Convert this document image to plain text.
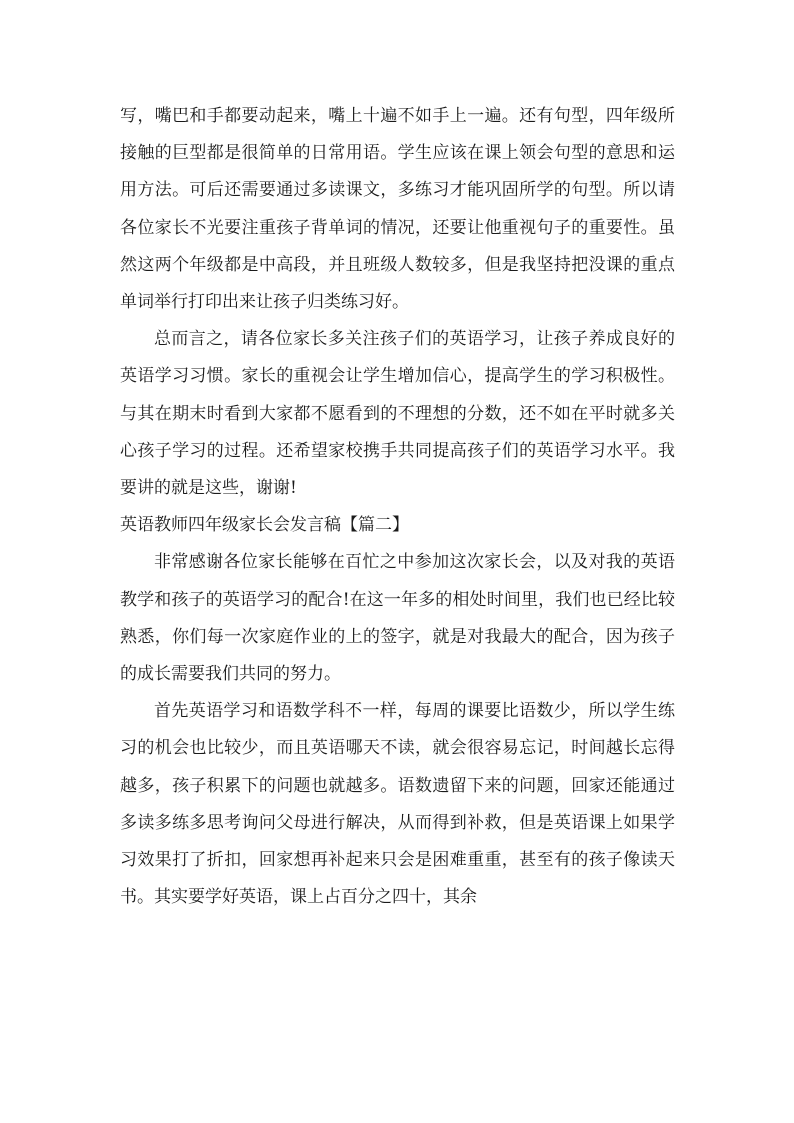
写，嘴巴和手都要动起来，嘴上十遍不如手上一遍。还有句型，四年级所接触的巨型都是很简单的日常用语。学生应该在课上领会句型的意思和运用方法。可后还需要通过多读课文，多练习才能巩固所学的句型。所以请各位家长不光要注重孩子背单词的情况，还要让他重视句子的重要性。虽然这两个年级都是中高段，并且班级人数较多，但是我坚持把没课的重点单词举行打印出来让孩子归类练习好。

总而言之，请各位家长多关注孩子们的英语学习，让孩子养成良好的英语学习习惯。家长的重视会让学生增加信心，提高学生的学习积极性。与其在期末时看到大家都不愿看到的不理想的分数，还不如在平时就多关心孩子学习的过程。还希望家校携手共同提高孩子们的英语学习水平。我要讲的就是这些，谢谢!

英语教师四年级家长会发言稿【篇二】

非常感谢各位家长能够在百忙之中参加这次家长会，以及对我的英语教学和孩子的英语学习的配合!在这一年多的相处时间里，我们也已经比较熟悉，你们每一次家庭作业的上的签字，就是对我最大的配合，因为孩子的成长需要我们共同的努力。

首先英语学习和语数学科不一样，每周的课要比语数少，所以学生练习的机会也比较少，而且英语哪天不读，就会很容易忘记，时间越长忘得越多，孩子积累下的问题也就越多。语数遗留下来的问题，回家还能通过多读多练多思考询问父母进行解决，从而得到补救，但是英语课上如果学习效果打了折扣，回家想再补起来只会是困难重重，甚至有的孩子像读天书。其实要学好英语，课上占百分之四十，其余
